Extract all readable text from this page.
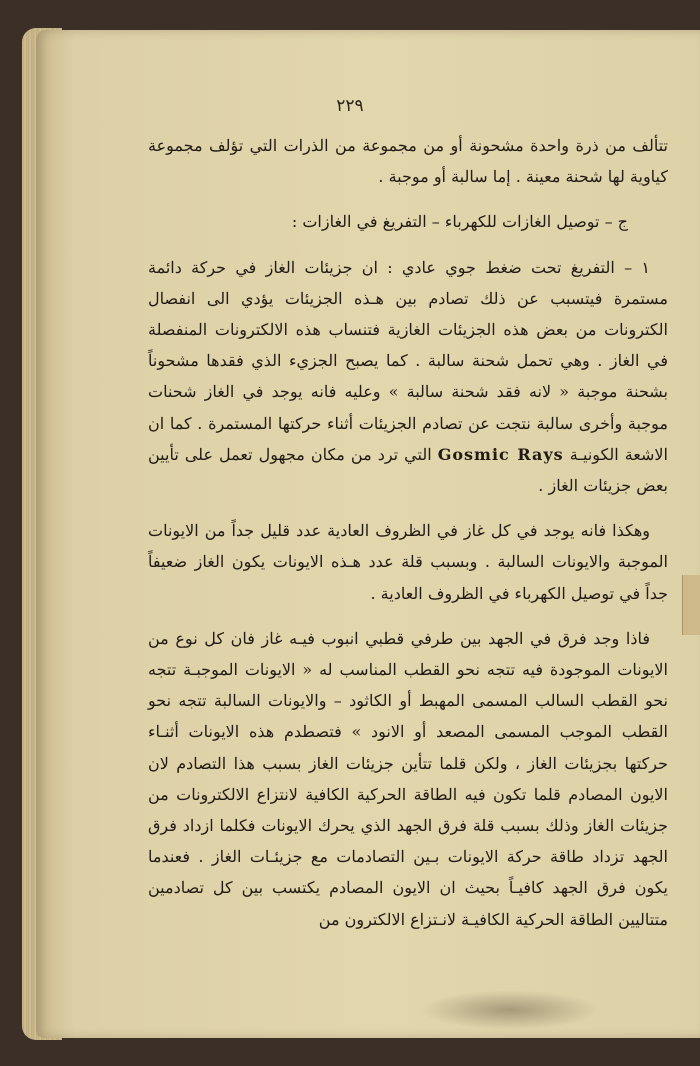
٢٢٩

تتألف من ذرة واحدة مشحونة أو من مجموعة من الذرات التي تؤلف مجموعة كياوية لها شحنة معينة . إما سالبة أو موجبة .

ج – توصيل الغازات للكهرباء – التفريغ في الغازات :

١ – التفريغ تحت ضغط جوي عادي : ان جزيئات الغاز في حركة دائمة مستمرة فيتسبب عن ذلك تصادم بين هـذه الجزيئات يؤدي الى انفصال الكترونات من بعض هذه الجزيئات الغازية فتنساب هذه الالكترونات المنفصلة في الغاز . وهي تحمل شحنة سالبة . كما يصبح الجزيء الذي فقدها مشحوناً بشحنة موجبة « لانه فقد شحنة سالبة » وعليه فانه يوجد في الغاز شحنات موجبة وأخرى سالبة نتجت عن تصادم الجزيئات أثناء حركتها المستمرة . كما ان الاشعة الكونيـة Gosmic Rays التي ترد من مكان مجهول تعمل على تأيين بعض جزيئات الغاز .

وهكذا فانه يوجد في كل غاز في الظروف العادية عدد قليل جداً من الايونات الموجبة والايونات السالبة . وبسبب قلة عدد هـذه الايونات يكون الغاز ضعيفاً جداً في توصيل الكهرباء في الظروف العادية .

فاذا وجد فرق في الجهد بين طرفي قطبي انبوب فيـه غاز فان كل نوع من الايونات الموجودة فيه تتجه نحو القطب المناسب له « الايونات الموجبـة تتجه نحو القطب السالب المسمى المهبط أو الكاثود – والايونات السالبة تتجه نحو القطب الموجب المسمى المصعد أو الانود » فتصطدم هذه الايونات أثنـاء حركتها بجزيئات الغاز ، ولكن قلما تتأين جزيئات الغاز بسبب هذا التصادم لان الايون المصادم قلما تكون فيه الطاقة الحركية الكافية لانتزاع الالكترونات من جزيئات الغاز وذلك بسبب قلة فرق الجهد الذي يحرك الايونات فكلما ازداد فرق الجهد تزداد طاقة حركة الايونات بـين التصادمات مع جزيئـات الغاز . فعندما يكون فرق الجهد كافيـاً بحيث ان الايون المصادم يكتسب بين كل تصادمين متتاليين الطاقة الحركية الكافيـة لانـتزاع الالكترون من
